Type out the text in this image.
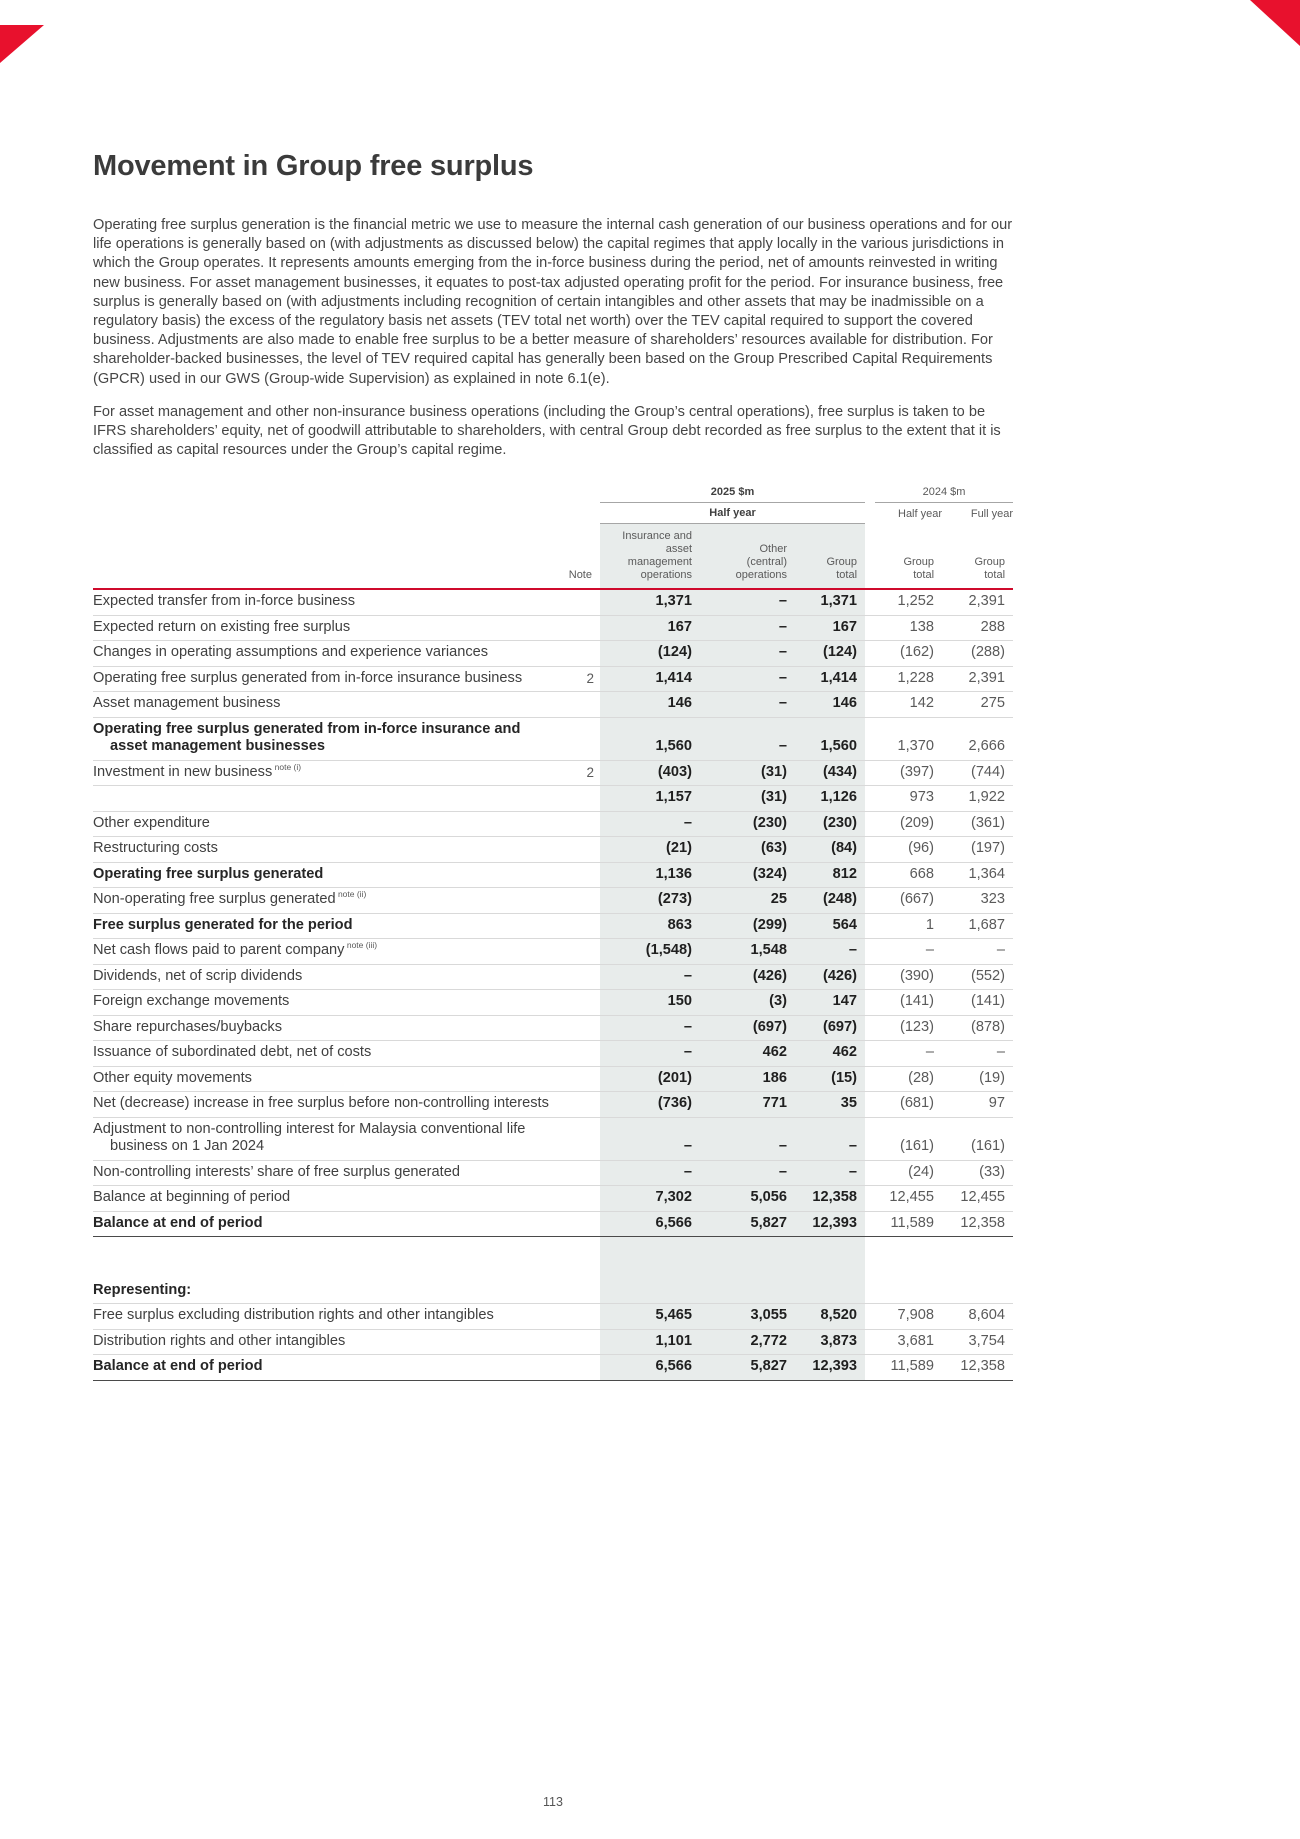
Movement in Group free surplus

Operating free surplus generation is the financial metric we use to measure the internal cash generation of our business operations and for our life operations is generally based on (with adjustments as discussed below) the capital regimes that apply locally in the various jurisdictions in which the Group operates. It represents amounts emerging from the in-force business during the period, net of amounts reinvested in writing new business. For asset management businesses, it equates to post-tax adjusted operating profit for the period. For insurance business, free surplus is generally based on (with adjustments including recognition of certain intangibles and other assets that may be inadmissible on a regulatory basis) the excess of the regulatory basis net assets (TEV total net worth) over the TEV capital required to support the covered business. Adjustments are also made to enable free surplus to be a better measure of shareholders’ resources available for distribution. For shareholder-backed businesses, the level of TEV required capital has generally been based on the Group Prescribed Capital Requirements (GPCR) used in our GWS (Group-wide Supervision) as explained in note 6.1(e).

For asset management and other non-insurance business operations (including the Group’s central operations), free surplus is taken to be IFRS shareholders’ equity, net of goodwill attributable to shareholders, with central Group debt recorded as free surplus to the extent that it is classified as capital resources under the Group’s capital regime.

		2025 $m				2024 $m	
		Half year				Half year	Full year
	Note	Insurance and asset management operations	Other (central) operations	Group total		Group total	Group total

Expected transfer from in-force business		1,371	–	1,371		1,252	2,391

Expected return on existing free surplus		167	–	167		138	288

Changes in operating assumptions and experience variances		(124)	–	(124)		(162)	(288)

Operating free surplus generated from in-force insurance business	2	1,414	–	1,414		1,228	2,391

Asset management business		146	–	146		142	275

Operating free surplus generated from in-force insurance and asset management businesses		1,560	–	1,560		1,370	2,666

Investment in new business $^{note (i)}$	2	(403)	(31)	(434)		(397)	(744)

		1,157	(31)	1,126		973	1,922

Other expenditure		–	(230)	(230)		(209)	(361)

Restructuring costs		(21)	(63)	(84)		(96)	(197)

Operating free surplus generated		1,136	(324)	812		668	1,364

Non-operating free surplus generated $^{note (ii)}$		(273)	25	(248)		(667)	323

Free surplus generated for the period		863	(299)	564		1	1,687

Net cash flows paid to parent company $^{note (iii)}$		(1,548)	1,548	–		–	–

Dividends, net of scrip dividends		–	(426)	(426)		(390)	(552)

Foreign exchange movements		150	(3)	147		(141)	(141)

Share repurchases/buybacks		–	(697)	(697)		(123)	(878)

Issuance of subordinated debt, net of costs		–	462	462		–	–

Other equity movements		(201)	186	(15)		(28)	(19)

Net (decrease) increase in free surplus before non-controlling interests		(736)	771	35		(681)	97

Adjustment to non-controlling interest for Malaysia conventional life business on 1 Jan 2024		–	–	–		(161)	(161)

Non-controlling interests’ share of free surplus generated		–	–	–		(24)	(33)

Balance at beginning of period		7,302	5,056	12,358		12,455	12,455

Balance at end of period		6,566	5,827	12,393		11,589	12,358

Representing:							

Free surplus excluding distribution rights and other intangibles		5,465	3,055	8,520		7,908	8,604

Distribution rights and other intangibles		1,101	2,772	3,873		3,681	3,754

Balance at end of period		6,566	5,827	12,393		11,589	12,358
113
